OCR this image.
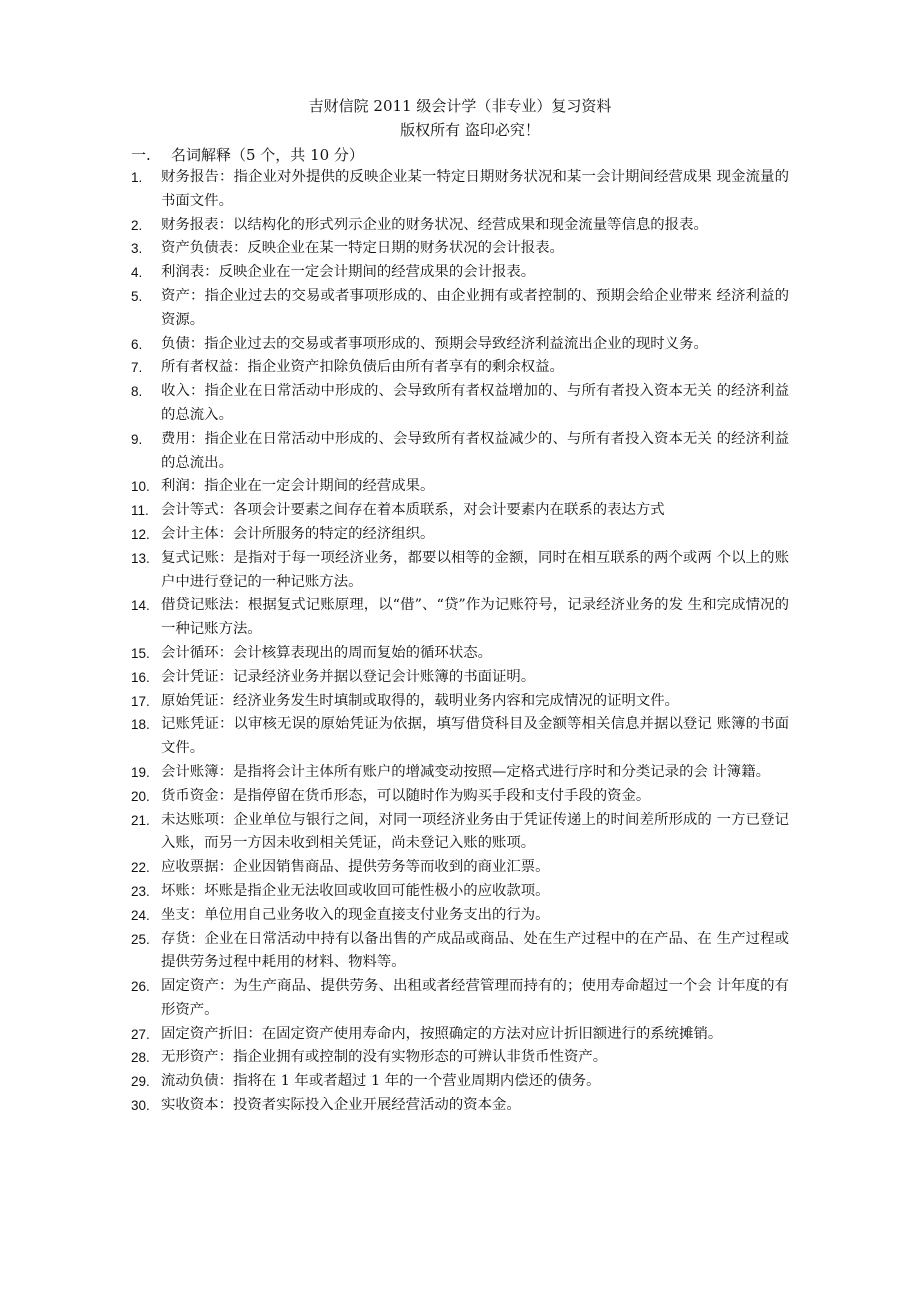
吉财信院 2011 级会计学（非专业）复习资料
版权所有 盗印必究！
一. 名词解释（5 个，共 10 分）
1.	财务报告：指企业对外提供的反映企业某一特定日期财务状况和某一会计期间经营成果 现金流量的书面文件。
2.	财务报表：以结构化的形式列示企业的财务状况、经营成果和现金流量等信息的报表。
3.	资产负债表：反映企业在某一特定日期的财务状况的会计报表。
4.	利润表：反映企业在一定会计期间的经营成果的会计报表。
5.	资产：指企业过去的交易或者事项形成的、由企业拥有或者控制的、预期会给企业带来 经济利益的资源。
6.	负债：指企业过去的交易或者事项形成的、预期会导致经济利益流出企业的现时义务。
7.	所有者权益：指企业资产扣除负债后由所有者享有的剩余权益。
8.	收入：指企业在日常活动中形成的、会导致所有者权益增加的、与所有者投入资本无关 的经济利益的总流入。
9.	费用：指企业在日常活动中形成的、会导致所有者权益减少的、与所有者投入资本无关 的经济利益的总流出。
10. 利润：指企业在一定会计期间的经营成果。
11. 会计等式：各项会计要素之间存在着本质联系，对会计要素内在联系的表达方式
12. 会计主体：会计所服务的特定的经济组织。
13. 复式记账：是指对于每一项经济业务，都要以相等的金额，同时在相互联系的两个或两 个以上的账户中进行登记的一种记账方法。
14. 借贷记账法：根据复式记账原理，以“借”、“贷”作为记账符号，记录经济业务的发 生和完成情况的一种记账方法。
15. 会计循环：会计核算表现出的周而复始的循环状态。
16. 会计凭证：记录经济业务并据以登记会计账簿的书面证明。
17. 原始凭证：经济业务发生时填制或取得的，载明业务内容和完成情况的证明文件。
18. 记账凭证：以审核无误的原始凭证为依据，填写借贷科目及金额等相关信息并据以登记 账簿的书面文件。
19. 会计账簿：是指将会计主体所有账户的增减变动按照—定格式进行序时和分类记录的会 计簿籍。
20. 货币资金：是指停留在货币形态，可以随时作为购买手段和支付手段的资金。
21. 未达账项：企业单位与银行之间，对同一项经济业务由于凭证传递上的时间差所形成的 一方已登记入账，而另一方因未收到相关凭证，尚未登记入账的账项。
22. 应收票据：企业因销售商品、提供劳务等而收到的商业汇票。
23. 坏账：坏账是指企业无法收回或收回可能性极小的应收款项。
24. 坐支：单位用自己业务收入的现金直接支付业务支出的行为。
25. 存货：企业在日常活动中持有以备出售的产成品或商品、处在生产过程中的在产品、在 生产过程或提供劳务过程中耗用的材料、物料等。
26. 固定资产：为生产商品、提供劳务、出租或者经营管理而持有的；使用寿命超过一个会 计年度的有形资产。
27. 固定资产折旧：在固定资产使用寿命内，按照确定的方法对应计折旧额进行的系统摊销。
28. 无形资产：指企业拥有或控制的没有实物形态的可辨认非货币性资产。
29. 流动负债：指将在 1 年或者超过 1 年的一个营业周期内偿还的债务。
30. 实收资本：投资者实际投入企业开展经营活动的资本金。
